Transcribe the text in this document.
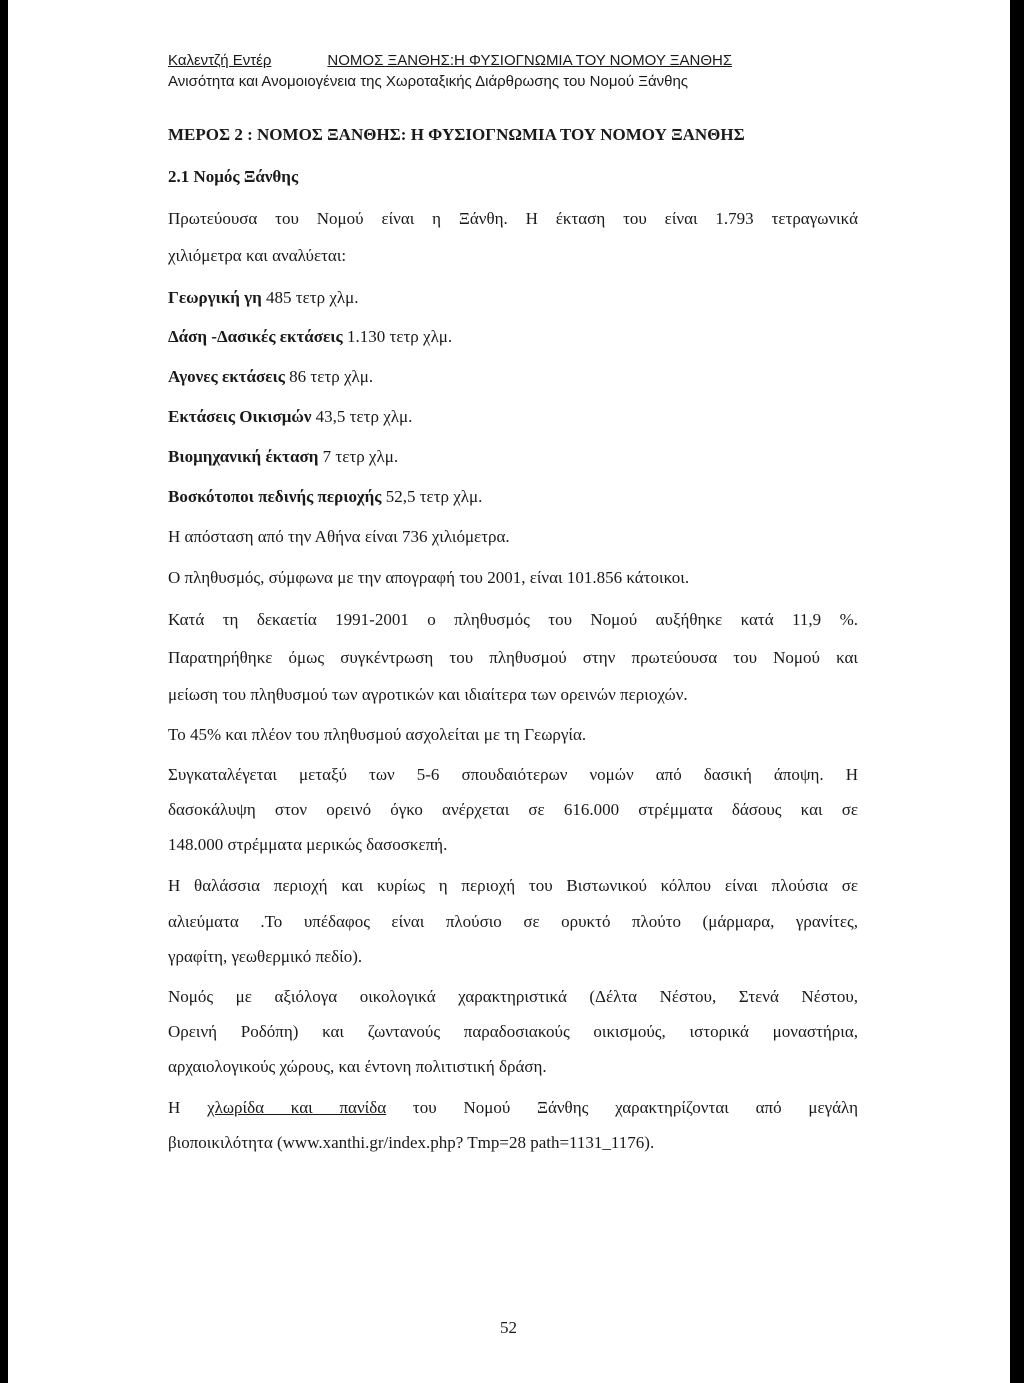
Καλεντζή Εντέρ	ΝΟΜΟΣ ΞΑΝΘΗΣ:Η ΦΥΣΙΟΓΝΩΜΙΑ ΤΟΥ ΝΟΜΟΥ ΞΑΝΘΗΣ
Ανισότητα και Ανομοιογένεια της Χωροταξικής Διάρθρωσης του Νομού Ξάνθης
ΜΕΡΟΣ 2 : ΝΟΜΟΣ ΞΑΝΘΗΣ: Η ΦΥΣΙΟΓΝΩΜΙΑ ΤΟΥ ΝΟΜΟΥ ΞΑΝΘΗΣ
2.1 Νομός Ξάνθης
Πρωτεύουσα του Νομού είναι η Ξάνθη. Η έκταση του είναι 1.793 τετραγωνικά
χιλιόμετρα και αναλύεται:
Γεωργική γη 485 τετρ χλμ.
Δάση -Δασικές εκτάσεις 1.130 τετρ χλμ.
Αγονες εκτάσεις 86 τετρ χλμ.
Εκτάσεις Οικισμών 43,5 τετρ χλμ.
Βιομηχανική έκταση 7 τετρ χλμ.
Βοσκότοποι πεδινής περιοχής 52,5 τετρ χλμ.
Η απόσταση από την Αθήνα είναι 736 χιλιόμετρα.
Ο πληθυσμός, σύμφωνα με την απογραφή του 2001, είναι 101.856 κάτοικοι.
Κατά τη δεκαετία 1991-2001 ο πληθυσμός του Νομού αυξήθηκε κατά 11,9 %.
Παρατηρήθηκε όμως συγκέντρωση του πληθυσμού στην πρωτεύουσα του Νομού και
μείωση του πληθυσμού των αγροτικών και ιδιαίτερα των ορεινών περιοχών.
Το 45% και πλέον του πληθυσμού ασχολείται με τη Γεωργία.
Συγκαταλέγεται μεταξύ των 5-6 σπουδαιότερων νομών από δασική άποψη. Η
δασοκάλυψη στον ορεινό όγκο ανέρχεται σε 616.000 στρέμματα δάσους και σε
148.000 στρέμματα μερικώς δασοσκεπή.
Η θαλάσσια περιοχή και κυρίως η περιοχή του Βιστωνικού κόλπου είναι πλούσια σε
αλιεύματα .Το υπέδαφος είναι πλούσιο σε ορυκτό πλούτο (μάρμαρα, γρανίτες,
γραφίτη, γεωθερμικό πεδίο).
Νομός με αξιόλογα οικολογικά χαρακτηριστικά (Δέλτα Νέστου, Στενά Νέστου,
Ορεινή Ροδόπη) και ζωντανούς παραδοσιακούς οικισμούς, ιστορικά μοναστήρια,
αρχαιολογικούς χώρους, και έντονη πολιτιστική δράση.
Η χλωρίδα και πανίδα του Νομού Ξάνθης χαρακτηρίζονται από μεγάλη
βιοποικιλότητα (www.xanthi.gr/index.php? Tmp=28 path=1131_1176).
52
